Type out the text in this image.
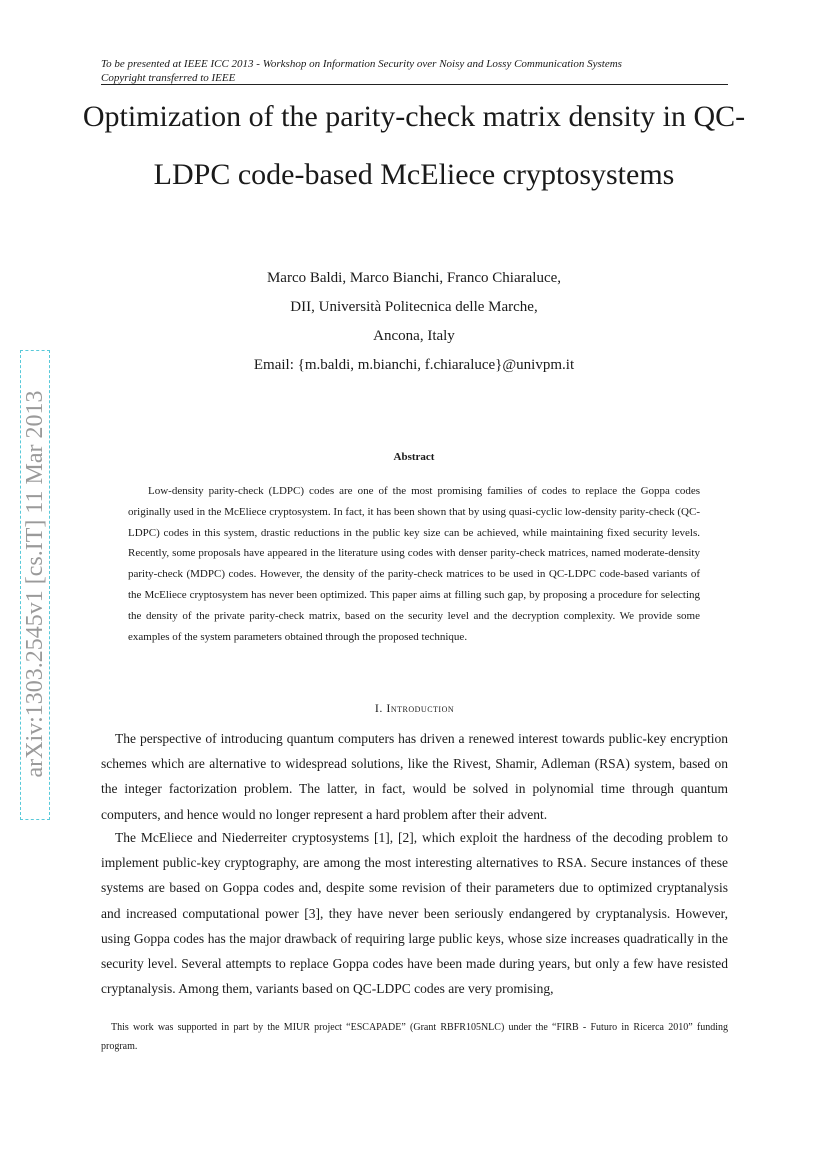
To be presented at IEEE ICC 2013 - Workshop on Information Security over Noisy and Lossy Communication Systems
Copyright transferred to IEEE
Optimization of the parity-check matrix density in QC-LDPC code-based McEliece cryptosystems
Marco Baldi, Marco Bianchi, Franco Chiaraluce,
DII, Università Politecnica delle Marche,
Ancona, Italy
Email: {m.baldi, m.bianchi, f.chiaraluce}@univpm.it
arXiv:1303.2545v1 [cs.IT] 11 Mar 2013	Abstract

Low-density parity-check (LDPC) codes are one of the most promising families of codes to replace the Goppa codes originally used in the McEliece cryptosystem. In fact, it has been shown that by using quasi-cyclic low-density parity-check (QC-LDPC) codes in this system, drastic reductions in the public key size can be achieved, while maintaining fixed security levels. Recently, some proposals have appeared in the literature using codes with denser parity-check matrices, named moderate-density parity-check (MDPC) codes. However, the density of the parity-check matrices to be used in QC-LDPC code-based variants of the McEliece cryptosystem has never been optimized. This paper aims at filling such gap, by proposing a procedure for selecting the density of the private parity-check matrix, based on the security level and the decryption complexity. We provide some examples of the system parameters obtained through the proposed technique.

I. Introduction

The perspective of introducing quantum computers has driven a renewed interest towards public-key encryption schemes which are alternative to widespread solutions, like the Rivest, Shamir, Adleman (RSA) system, based on the integer factorization problem. The latter, in fact, would be solved in polynomial time through quantum computers, and hence would no longer represent a hard problem after their advent.

The McEliece and Niederreiter cryptosystems [1], [2], which exploit the hardness of the decoding problem to implement public-key cryptography, are among the most interesting alternatives to RSA. Secure instances of these systems are based on Goppa codes and, despite some revision of their parameters due to optimized cryptanalysis and increased computational power [3], they have never been seriously endangered by cryptanalysis. However, using Goppa codes has the major drawback of requiring large public keys, whose size increases quadratically in the security level. Several attempts to replace Goppa codes have been made during years, but only a few have resisted cryptanalysis. Among them, variants based on QC-LDPC codes are very promising,

This work was supported in part by the MIUR project “ESCAPADE” (Grant RBFR105NLC) under the “FIRB - Futuro in Ricerca 2010” funding program.
